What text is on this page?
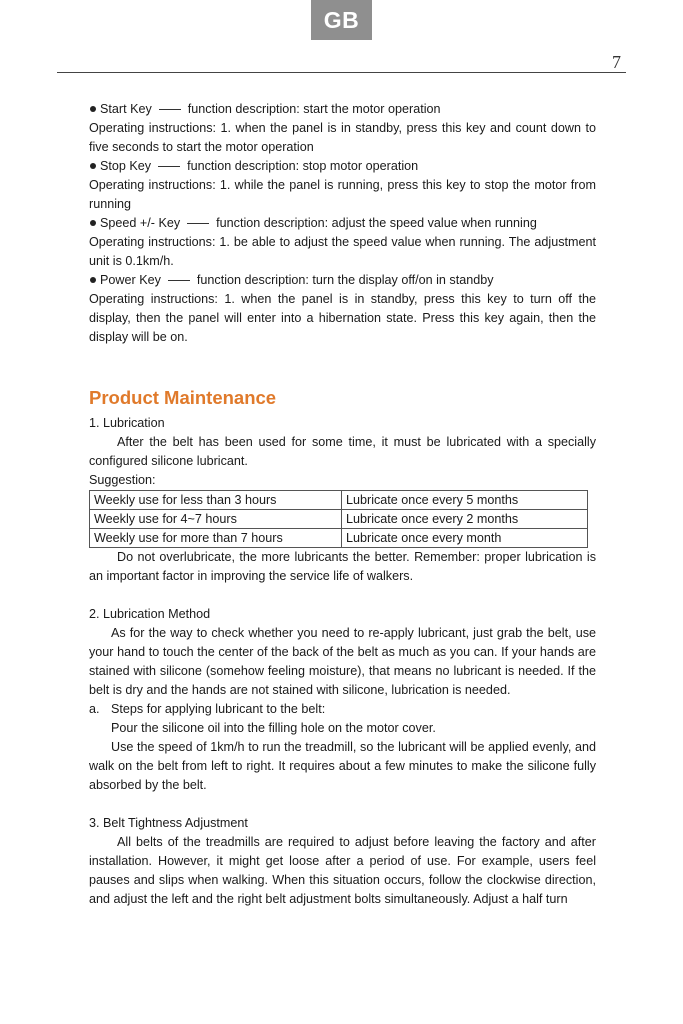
GB
7

Start Key	function description: start the motor operation

Operating instructions: 1. when the panel is in standby, press this key and count down to five seconds to start the motor operation

Stop Key	function description: stop motor operation

Operating instructions: 1. while the panel is running, press this key to stop the motor from running

Speed +/- Key	function description: adjust the speed value when running

Operating instructions: 1. be able to adjust the speed value when running. The adjustment unit is 0.1km/h.

Power Key	function description: turn the display off/on in standby

Operating instructions: 1. when the panel is in standby, press this key to turn off the display, then the panel will enter into a hibernation state. Press this key again, then the display will be on.

Product Maintenance

1. Lubrication

After the belt has been used for some time, it must be lubricated with a specially configured silicone lubricant.

Suggestion:

Weekly use for less than 3 hours	Lubricate once every 5 months
Weekly use for 4~7 hours	Lubricate once every 2 months
Weekly use for more than 7 hours	Lubricate once every month

Do not overlubricate, the more lubricants the better. Remember: proper lubrication is an important factor in improving the service life of walkers.

2. Lubrication Method

As for the way to check whether you need to re-apply lubricant, just grab the belt, use your hand to touch the center of the back of the belt as much as you can. If your hands are stained with silicone (somehow feeling moisture), that means no lubricant is needed. If the belt is dry and the hands are not stained with silicone, lubrication is needed.

a. Steps for applying lubricant to the belt:

Pour the silicone oil into the filling hole on the motor cover.

Use the speed of 1km/h to run the treadmill, so the lubricant will be applied evenly, and walk on the belt from left to right. It requires about a few minutes to make the silicone fully absorbed by the belt.

3. Belt Tightness Adjustment

All belts of the treadmills are required to adjust before leaving the factory and after installation. However, it might get loose after a period of use. For example, users feel pauses and slips when walking. When this situation occurs, follow the clockwise direction, and adjust the left and the right belt adjustment bolts simultaneously. Adjust a half turn
